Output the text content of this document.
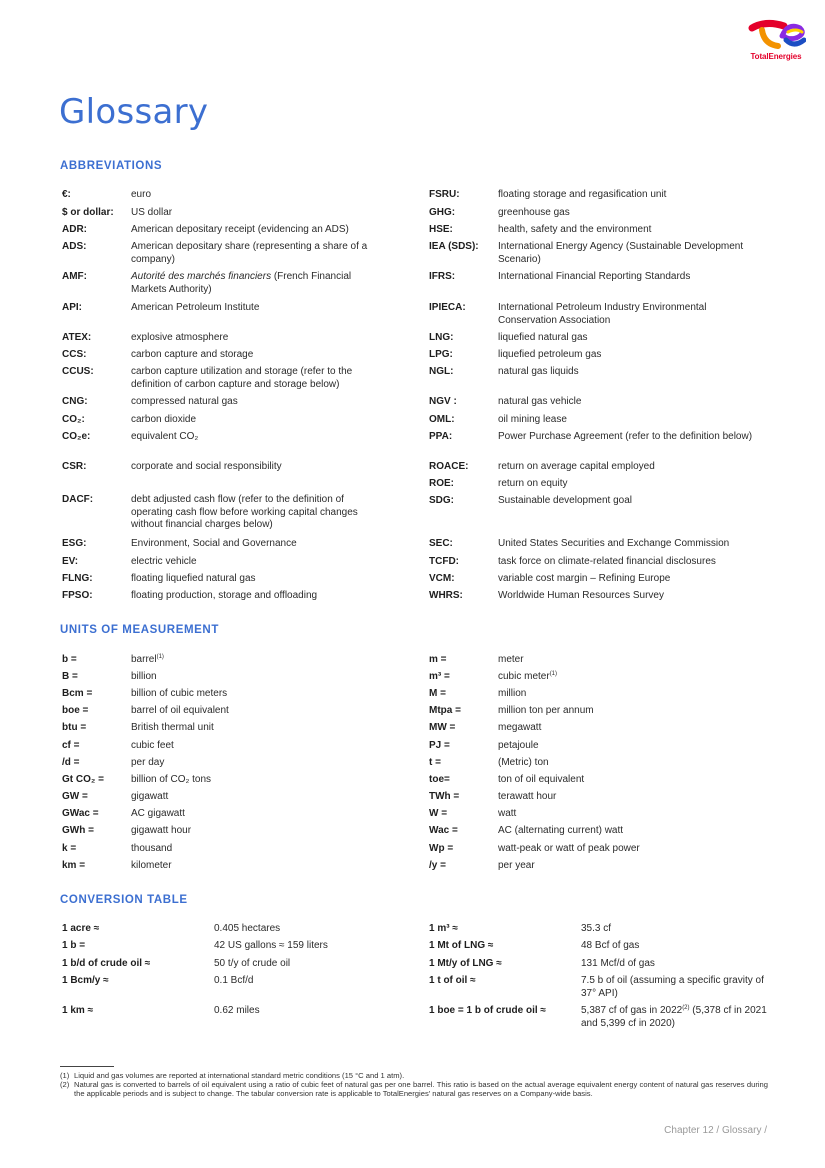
TotalEnergies
Glossary
ABBREVIATIONS
€:	euro
$ or dollar: US dollar
ADR:	American depositary receipt (evidencing an ADS)
ADS:	American depositary share (representing a share of a company)
AMF:	Autorité des marchés financiers (French Financial Markets Authority)
API:	American Petroleum Institute
ATEX:	explosive atmosphere
CCS:	carbon capture and storage
CCUS:	carbon capture utilization and storage (refer to the definition of carbon capture and storage below)
CNG:	compressed natural gas
CO₂:	carbon dioxide
CO₂e:	equivalent CO₂
CSR:	corporate and social responsibility
DACF:	debt adjusted cash flow (refer to the definition of operating cash flow before working capital changes without financial charges below)
ESG:	Environment, Social and Governance
EV:	electric vehicle
FLNG:	floating liquefied natural gas
FPSO:	floating production, storage and offloading
FSRU:	floating storage and regasification unit
GHG:	greenhouse gas
HSE:	health, safety and the environment
IEA (SDS): International Energy Agency (Sustainable Development Scenario)
IFRS:	International Financial Reporting Standards
IPIECA:	International Petroleum Industry Environmental Conservation Association
LNG:	liquefied natural gas
LPG:	liquefied petroleum gas
NGL:	natural gas liquids
NGV :	natural gas vehicle
OML:	oil mining lease
PPA:	Power Purchase Agreement (refer to the definition below)
ROACE:	return on average capital employed
ROE:	return on equity
SDG:	Sustainable development goal
SEC:	United States Securities and Exchange Commission
TCFD:	task force on climate-related financial disclosures
VCM:	variable cost margin – Refining Europe
WHRS:	Worldwide Human Resources Survey
UNITS OF MEASUREMENT
b =	barrel$^{(1)}$
B =	billion
Bcm =	billion of cubic meters
boe =	barrel of oil equivalent
btu =	British thermal unit
cf =	cubic feet
/d =	per day
Gt CO₂ =	billion of CO₂ tons
GW =	gigawatt
GWac =	AC gigawatt
GWh =	gigawatt hour
k =	thousand
km =	kilometer
m =	meter
m³ =	cubic meter$^{(1)}$
M =	million
Mtpa =	million ton per annum
MW =	megawatt
PJ =	petajoule
t =	(Metric) ton
toe=	ton of oil equivalent
TWh =	terawatt hour
W =	watt
Wac =	AC (alternating current) watt
Wp =	watt-peak or watt of peak power
/y =	per year
CONVERSION TABLE
1 acre ≈	0.405 hectares
1 b =	42 US gallons ≈ 159 liters
1 b/d of crude oil ≈	50 t/y of crude oil
1 Bcm/y ≈	0.1 Bcf/d
1 km ≈	0.62 miles
1 m³ ≈	35.3 cf
1 Mt of LNG ≈	48 Bcf of gas
1 Mt/y of LNG ≈	131 Mcf/d of gas
1 t of oil ≈	7.5 b of oil (assuming a specific gravity of 37° API)
1 boe = 1 b of crude oil ≈	5,387 cf of gas in 2022$^{(2)}$ (5,378 cf in 2021 and 5,399 cf in 2020)
(1) Liquid and gas volumes are reported at international standard metric conditions (15 °C and 1 atm).
(2) Natural gas is converted to barrels of oil equivalent using a ratio of cubic feet of natural gas per one barrel. This ratio is based on the actual average equivalent energy content of natural gas reserves during the applicable periods and is subject to change. The tabular conversion rate is applicable to TotalEnergies' natural gas reserves on a Company-wide basis.
Chapter 12 / Glossary /
